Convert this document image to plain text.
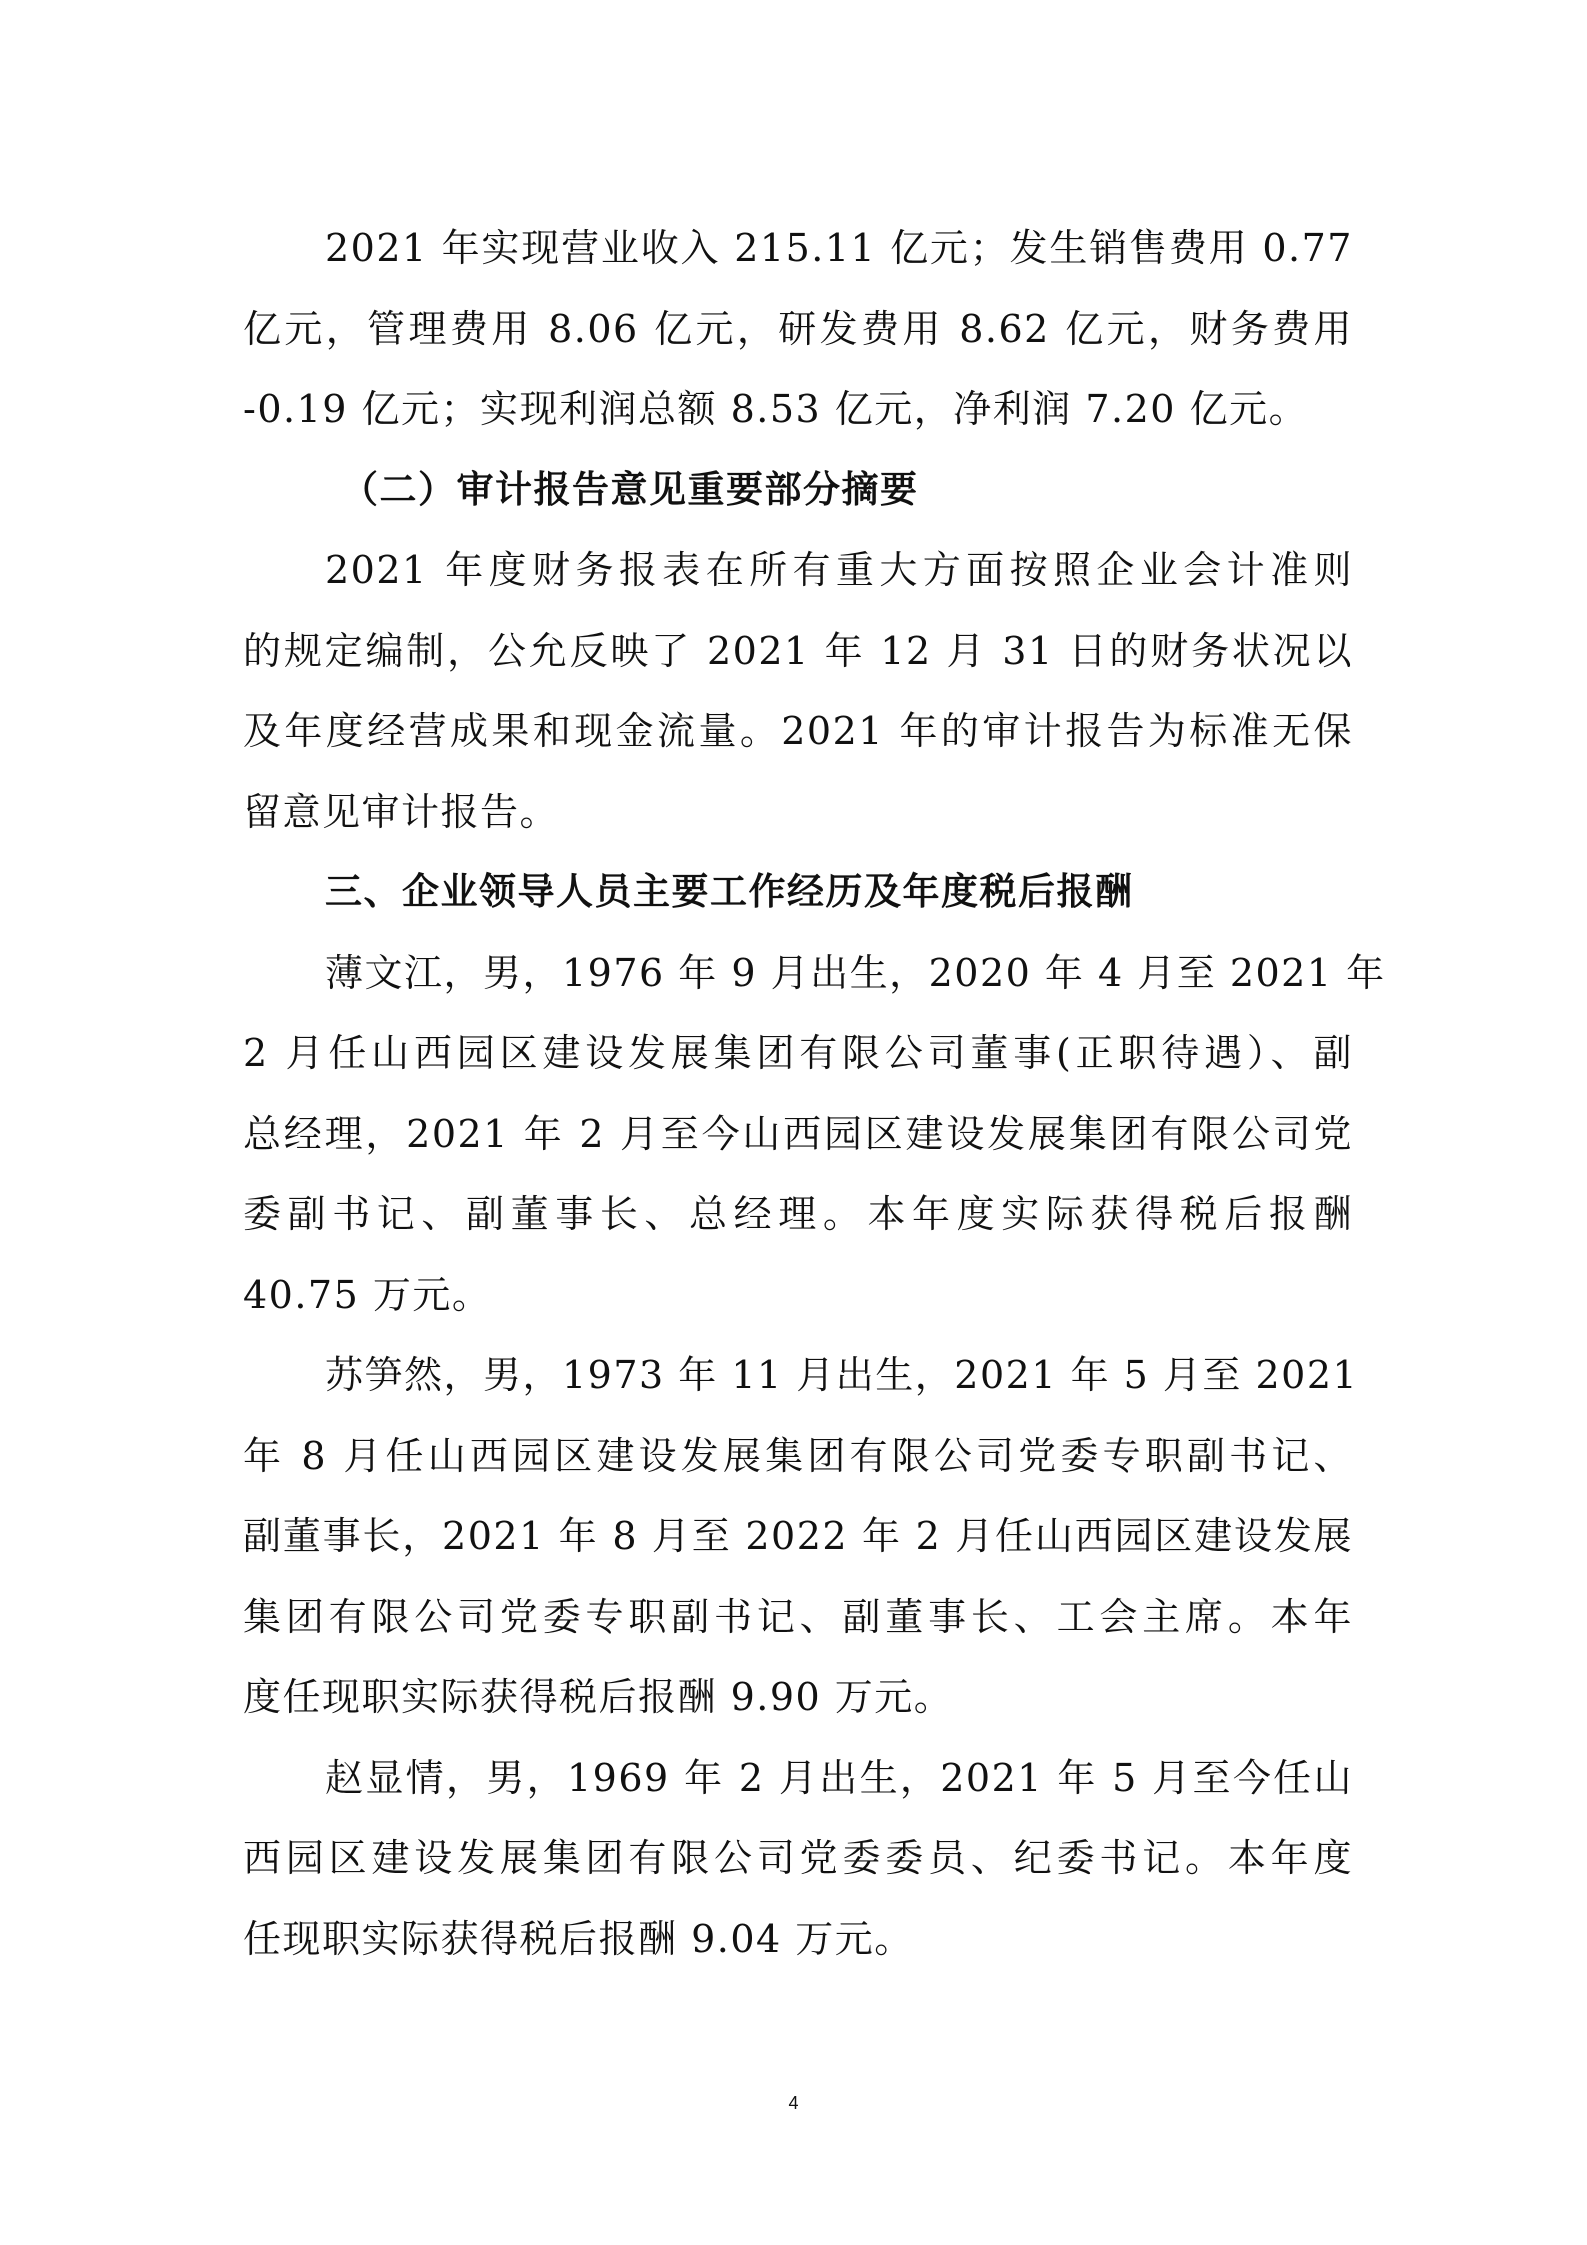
2021 年实现营业收入 215.11 亿元；发生销售费用 0.77
亿元，管理费用 8.06 亿元，研发费用 8.62 亿元，财务费用
-0.19 亿元；实现利润总额 8.53 亿元，净利润 7.20 亿元。
（二）审计报告意见重要部分摘要
2021 年度财务报表在所有重大方面按照企业会计准则
的规定编制，公允反映了 2021 年 12 月 31 日的财务状况以
及年度经营成果和现金流量。2021 年的审计报告为标准无保
留意见审计报告。
三、企业领导人员主要工作经历及年度税后报酬
薄文江，男，1976 年 9 月出生，2020 年 4 月至 2021 年
2 月任山西园区建设发展集团有限公司董事(正职待遇）、副
总经理，2021 年 2 月至今山西园区建设发展集团有限公司党
委副书记、副董事长、总经理。本年度实际获得税后报酬
40.75 万元。
苏笋然，男，1973 年 11 月出生，2021 年 5 月至 2021
年 8 月任山西园区建设发展集团有限公司党委专职副书记、
副董事长，2021 年 8 月至 2022 年 2 月任山西园区建设发展
集团有限公司党委专职副书记、副董事长、工会主席。本年
度任现职实际获得税后报酬 9.90 万元。
赵显情，男，1969 年 2 月出生，2021 年 5 月至今任山
西园区建设发展集团有限公司党委委员、纪委书记。本年度
任现职实际获得税后报酬 9.04 万元。
4
